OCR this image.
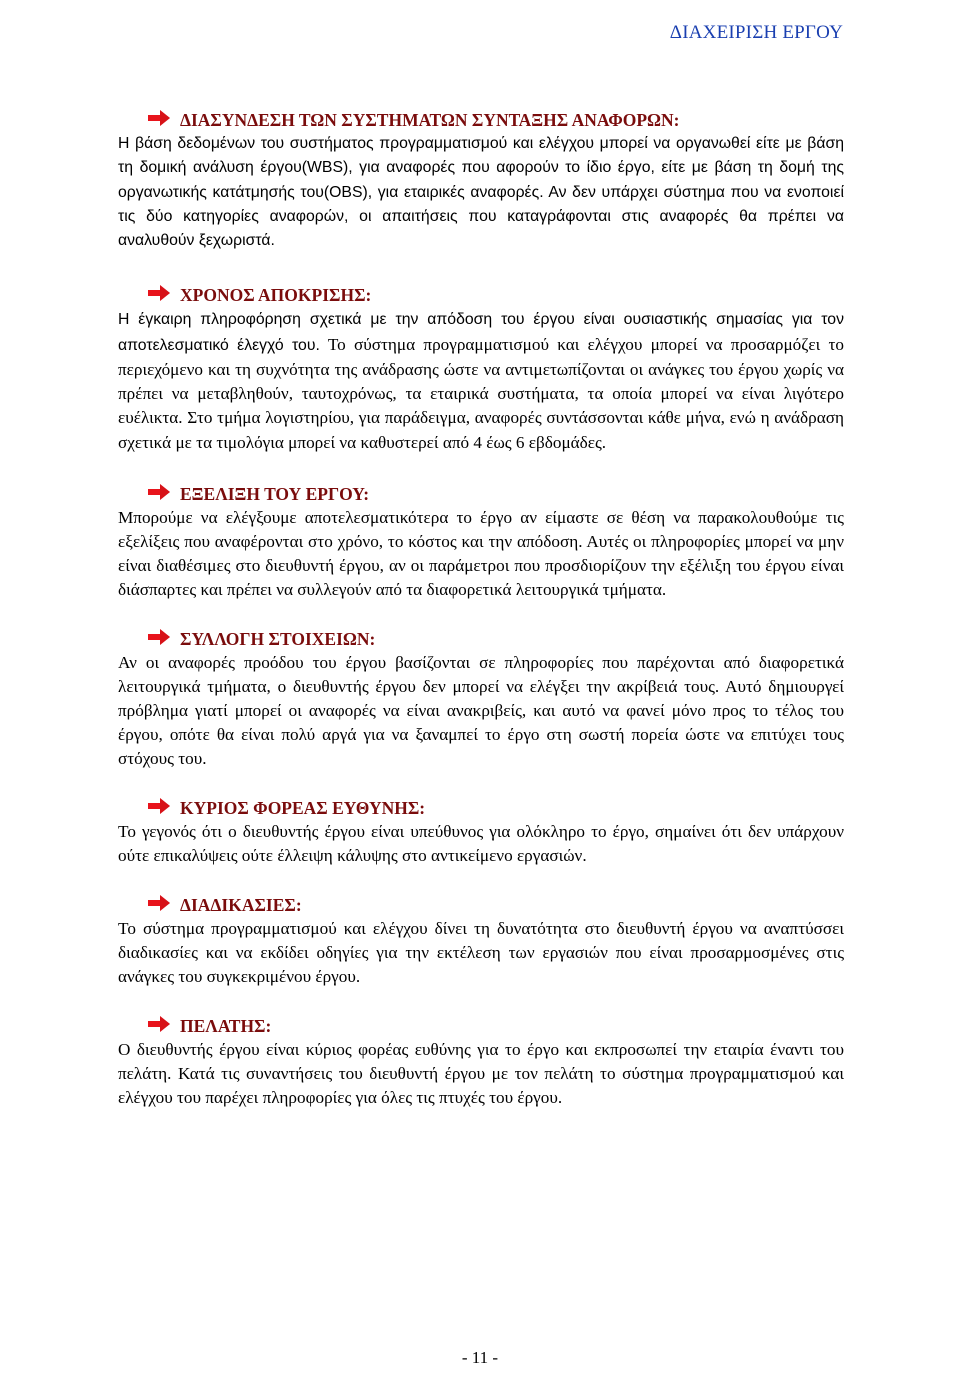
ΔΙΑΧΕΙΡΙΣΗ ΕΡΓΟΥ
ΔΙΑΣΥΝΔΕΣΗ ΤΩΝ ΣΥΣΤΗΜΑΤΩΝ ΣΥΝΤΑΞΗΣ ΑΝΑΦΟΡΩΝ:

Η βάση δεδομένων του συστήματος προγραμματισμού και ελέγχου μπορεί να οργανωθεί είτε με βάση τη δομική ανάλυση έργου(WBS), για αναφορές που αφορούν το ίδιο έργο, είτε με βάση τη δομή της οργανωτικής κατάτμησής του(OBS), για εταιρικές αναφορές. Αν δεν υπάρχει σύστημα που να ενοποιεί τις δύο κατηγορίες αναφορών, οι απαιτήσεις που καταγράφονται στις αναφορές θα πρέπει να αναλυθούν ξεχωριστά.

ΧΡΟΝΟΣ ΑΠΟΚΡΙΣΗΣ:

Η έγκαιρη πληροφόρηση σχετικά με την απόδοση του έργου είναι ουσιαστικής σημασίας για τον αποτελεσματικό έλεγχό του. Το σύστημα προγραμματισμού και ελέγχου μπορεί να προσαρμόζει το περιεχόμενο και τη συχνότητα της ανάδρασης ώστε να αντιμετωπίζονται οι ανάγκες του έργου χωρίς να πρέπει να μεταβληθούν, ταυτοχρόνως, τα εταιρικά συστήματα, τα οποία μπορεί να είναι λιγότερο ευέλικτα. Στο τμήμα λογιστηρίου, για παράδειγμα, αναφορές συντάσσονται κάθε μήνα, ενώ η ανάδραση σχετικά με τα τιμολόγια μπορεί να καθυστερεί από 4 έως 6 εβδομάδες.

ΕΞΕΛΙΞΗ ΤΟΥ ΕΡΓΟΥ:

Μπορούμε να ελέγξουμε αποτελεσματικότερα το έργο αν είμαστε σε θέση να παρακολουθούμε τις εξελίξεις που αναφέρονται στο χρόνο, το κόστος και την απόδοση. Αυτές οι πληροφορίες μπορεί να μην είναι διαθέσιμες στο διευθυντή έργου, αν οι παράμετροι που προσδιορίζουν την εξέλιξη του έργου είναι διάσπαρτες και πρέπει να συλλεγούν από τα διαφορετικά λειτουργικά τμήματα.

ΣΥΛΛΟΓΗ ΣΤΟΙΧΕΙΩΝ:

Αν οι αναφορές προόδου του έργου βασίζονται σε πληροφορίες που παρέχονται από διαφορετικά λειτουργικά τμήματα, ο διευθυντής έργου δεν μπορεί να ελέγξει την ακρίβειά τους. Αυτό δημιουργεί πρόβλημα γιατί μπορεί οι αναφορές να είναι ανακριβείς, και αυτό να φανεί μόνο προς το τέλος του έργου, οπότε θα είναι πολύ αργά για να ξαναμπεί το έργο στη σωστή πορεία ώστε να επιτύχει τους στόχους του.

ΚΥΡΙΟΣ ΦΟΡΕΑΣ ΕΥΘΥΝΗΣ:

Το γεγονός ότι ο διευθυντής έργου είναι υπεύθυνος για ολόκληρο το έργο, σημαίνει ότι δεν υπάρχουν ούτε επικαλύψεις ούτε έλλειψη κάλυψης στο αντικείμενο εργασιών.

ΔΙΑΔΙΚΑΣΙΕΣ:

Το σύστημα προγραμματισμού και ελέγχου δίνει τη δυνατότητα στο διευθυντή έργου να αναπτύσσει διαδικασίες και να εκδίδει οδηγίες για την εκτέλεση των εργασιών που είναι προσαρμοσμένες στις ανάγκες του συγκεκριμένου έργου.

ΠΕΛΑΤΗΣ:

Ο διευθυντής έργου είναι κύριος φορέας ευθύνης για το έργο και εκπροσωπεί την εταιρία έναντι του πελάτη. Κατά τις συναντήσεις του διευθυντή έργου με τον πελάτη το σύστημα προγραμματισμού και ελέγχου του παρέχει πληροφορίες για όλες τις πτυχές του έργου.

- 11 -
